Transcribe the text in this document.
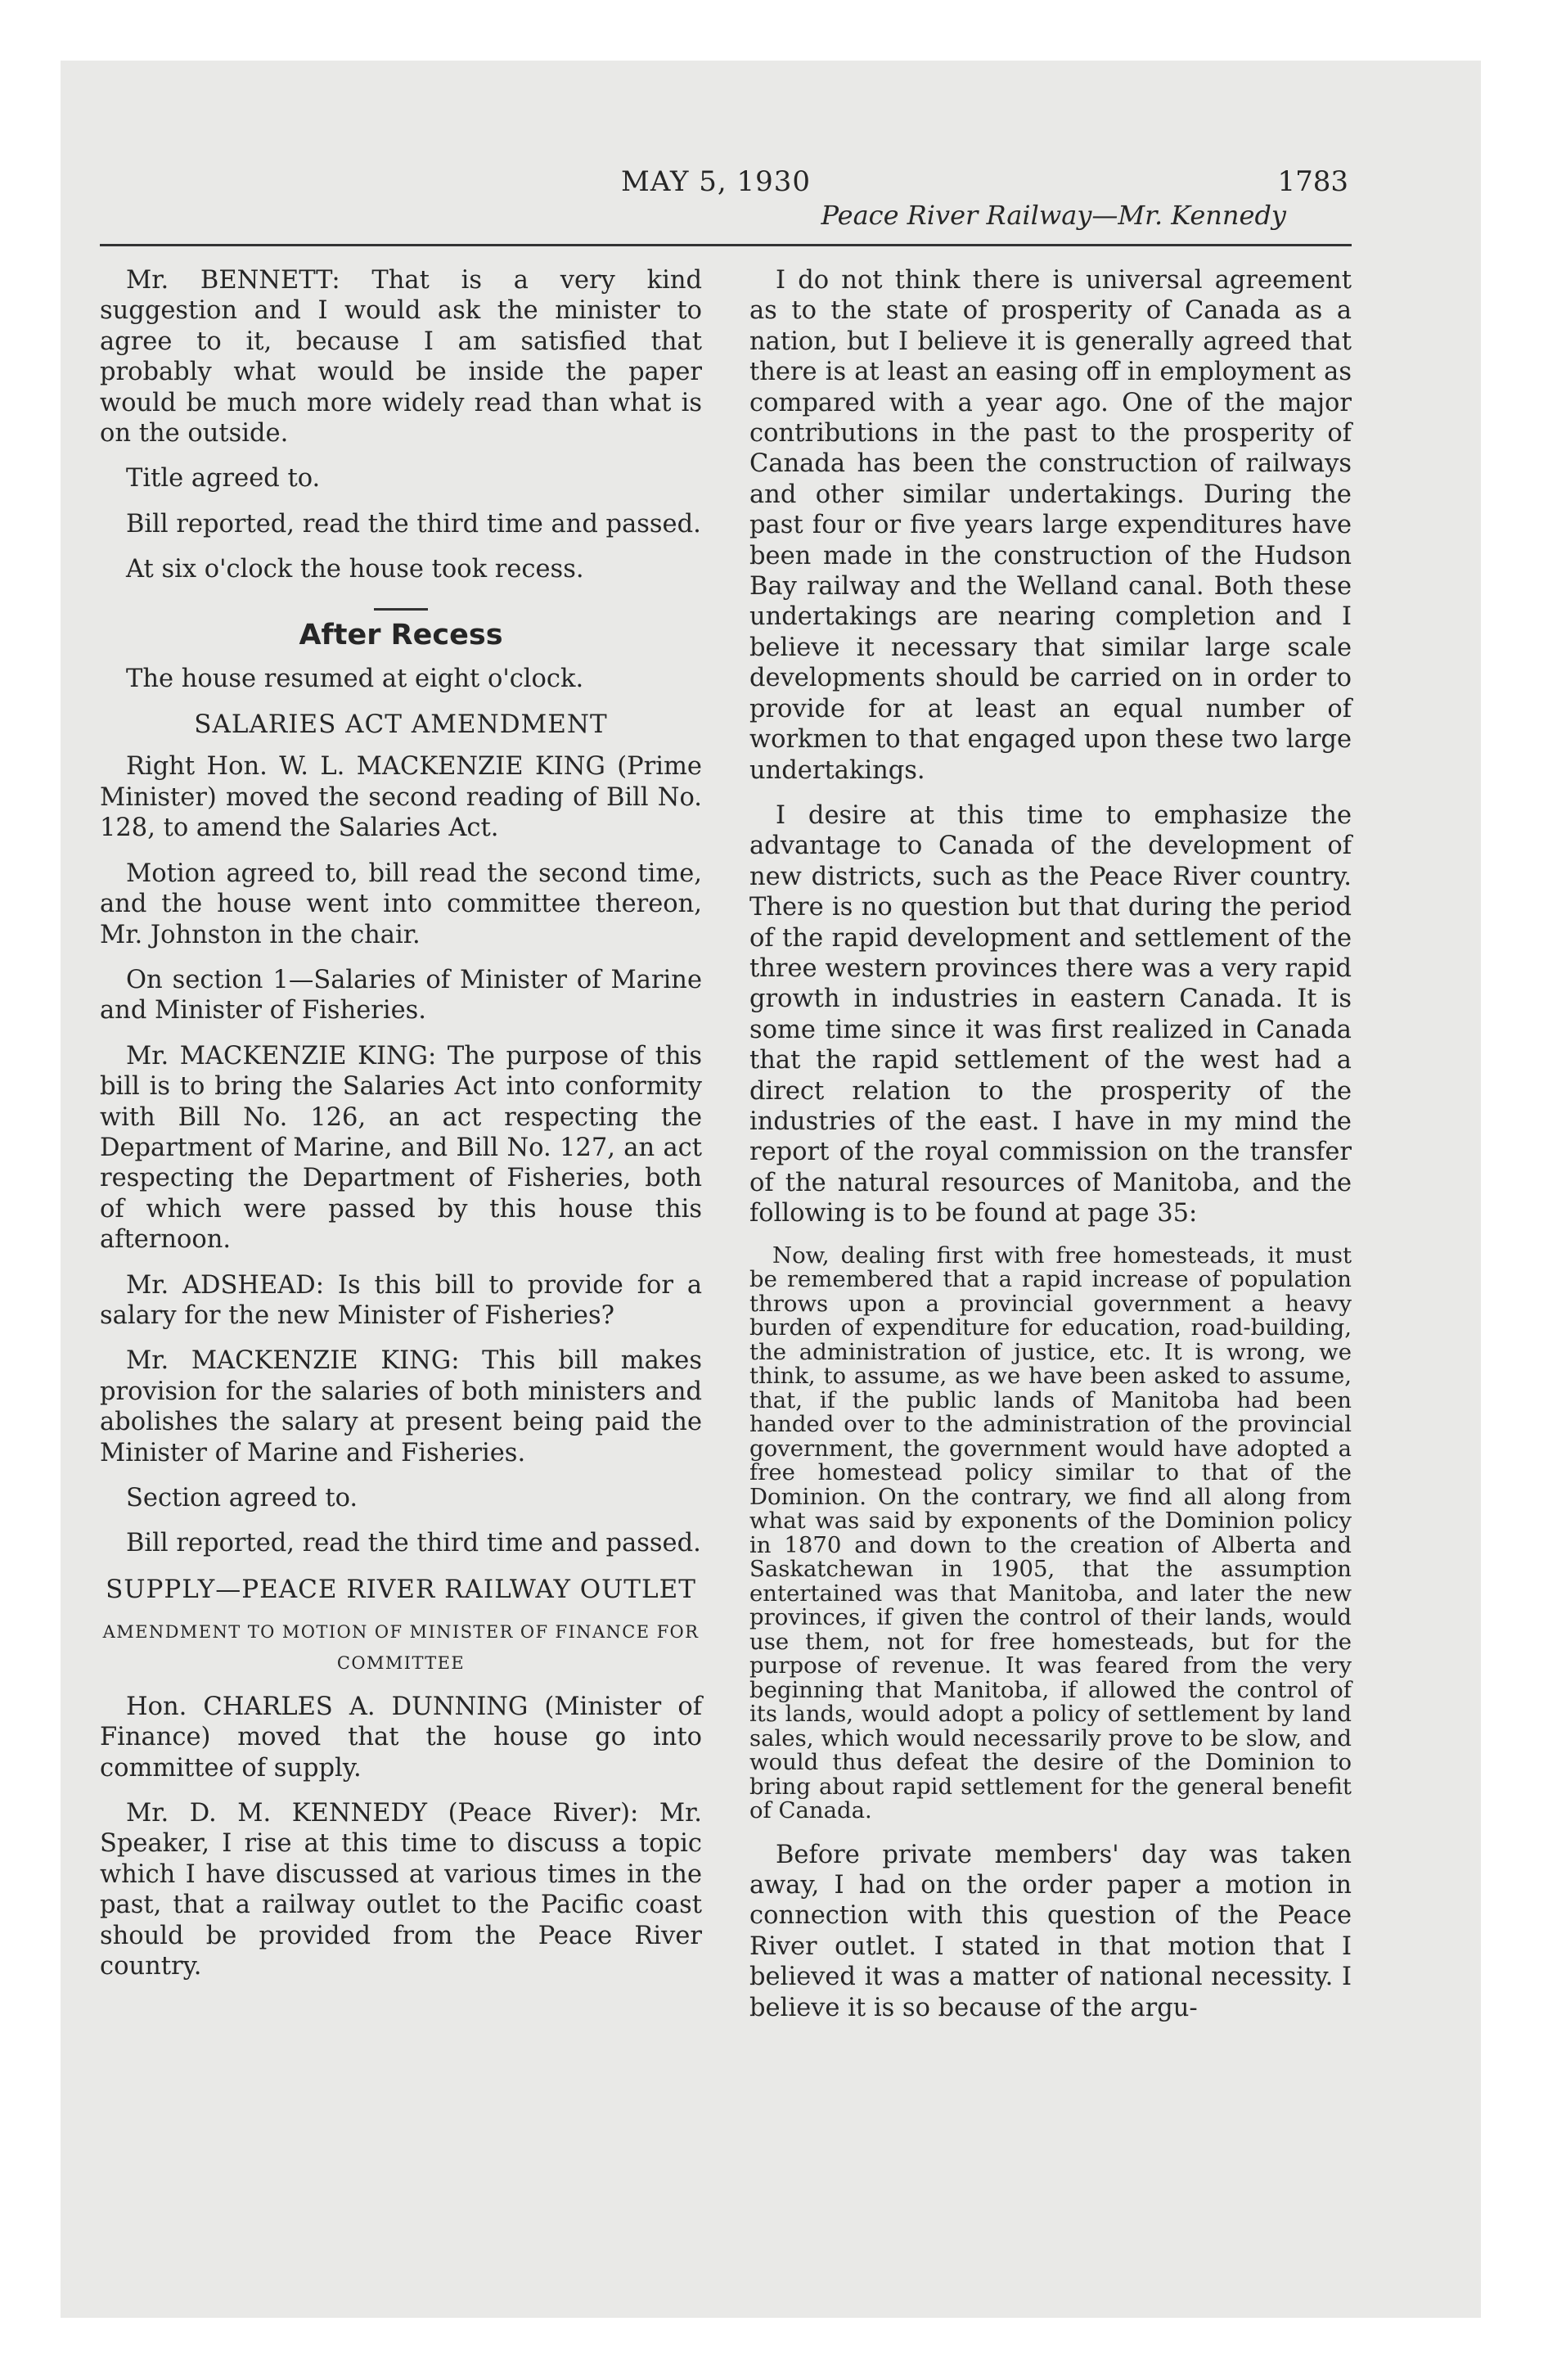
MAY 5, 1930
Peace River Railway—Mr. Kennedy
1783

Mr. BENNETT: That is a very kind suggestion and I would ask the minister to agree to it, because I am satisfied that probably what would be inside the paper would be much more widely read than what is on the outside.

Title agreed to.

Bill reported, read the third time and passed.

At six o'clock the house took recess.

After Recess

The house resumed at eight o'clock.

SALARIES ACT AMENDMENT

Right Hon. W. L. MACKENZIE KING (Prime Minister) moved the second reading of Bill No. 128, to amend the Salaries Act.

Motion agreed to, bill read the second time, and the house went into committee thereon, Mr. Johnston in the chair.

On section 1—Salaries of Minister of Marine and Minister of Fisheries.

Mr. MACKENZIE KING: The purpose of this bill is to bring the Salaries Act into conformity with Bill No. 126, an act respecting the Department of Marine, and Bill No. 127, an act respecting the Department of Fisheries, both of which were passed by this house this afternoon.

Mr. ADSHEAD: Is this bill to provide for a salary for the new Minister of Fisheries?

Mr. MACKENZIE KING: This bill makes provision for the salaries of both ministers and abolishes the salary at present being paid the Minister of Marine and Fisheries.

Section agreed to.

Bill reported, read the third time and passed.

SUPPLY—PEACE RIVER RAILWAY OUTLET
AMENDMENT TO MOTION OF MINISTER OF FINANCE FOR COMMITTEE

Hon. CHARLES A. DUNNING (Minister of Finance) moved that the house go into committee of supply.

Mr. D. M. KENNEDY (Peace River): Mr. Speaker, I rise at this time to discuss a topic which I have discussed at various times in the past, that a railway outlet to the Pacific coast should be provided from the Peace River country.

I do not think there is universal agreement as to the state of prosperity of Canada as a nation, but I believe it is generally agreed that there is at least an easing off in employment as compared with a year ago. One of the major contributions in the past to the prosperity of Canada has been the construction of railways and other similar undertakings. During the past four or five years large expenditures have been made in the construction of the Hudson Bay railway and the Welland canal. Both these undertakings are nearing completion and I believe it necessary that similar large scale developments should be carried on in order to provide for at least an equal number of workmen to that engaged upon these two large undertakings.

I desire at this time to emphasize the advantage to Canada of the development of new districts, such as the Peace River country. There is no question but that during the period of the rapid development and settlement of the three western provinces there was a very rapid growth in industries in eastern Canada. It is some time since it was first realized in Canada that the rapid settlement of the west had a direct relation to the prosperity of the industries of the east. I have in my mind the report of the royal commission on the transfer of the natural resources of Manitoba, and the following is to be found at page 35:

Now, dealing first with free homesteads, it must be remembered that a rapid increase of population throws upon a provincial government a heavy burden of expenditure for education, road-building, the administration of justice, etc. It is wrong, we think, to assume, as we have been asked to assume, that, if the public lands of Manitoba had been handed over to the administration of the provincial government, the government would have adopted a free homestead policy similar to that of the Dominion. On the contrary, we find all along from what was said by exponents of the Dominion policy in 1870 and down to the creation of Alberta and Saskatchewan in 1905, that the assumption entertained was that Manitoba, and later the new provinces, if given the control of their lands, would use them, not for free homesteads, but for the purpose of revenue. It was feared from the very beginning that Manitoba, if allowed the control of its lands, would adopt a policy of settlement by land sales, which would necessarily prove to be slow, and would thus defeat the desire of the Dominion to bring about rapid settlement for the general benefit of Canada.

Before private members' day was taken away, I had on the order paper a motion in connection with this question of the Peace River outlet. I stated in that motion that I believed it was a matter of national necessity. I believe it is so because of the argu-
